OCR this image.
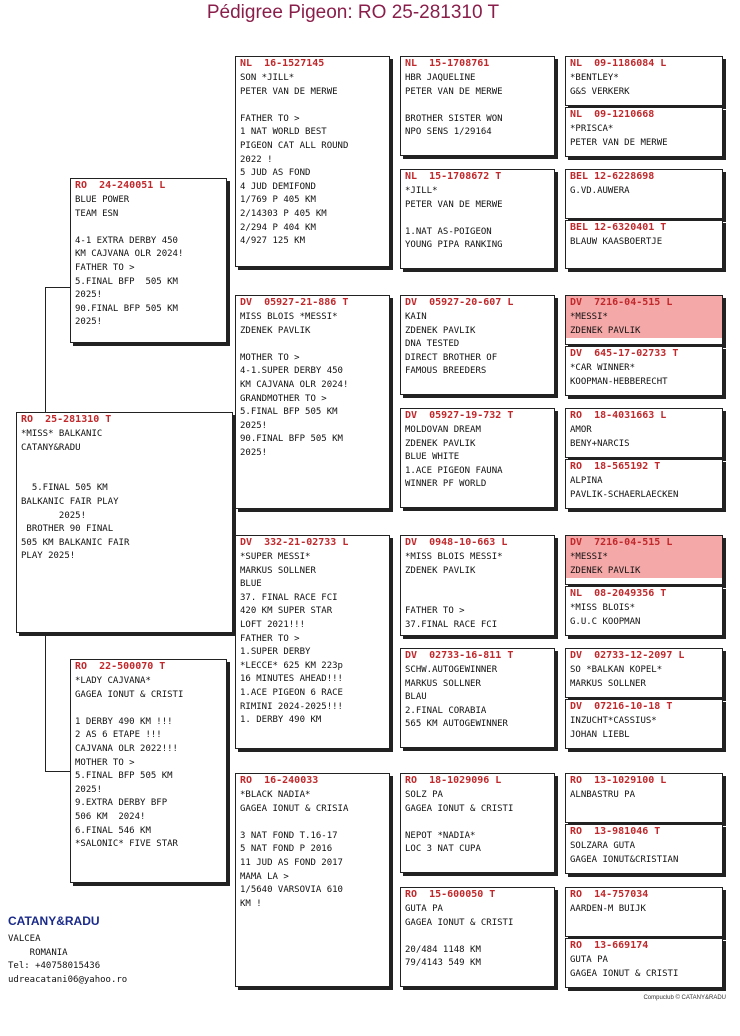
Pédigree Pigeon: RO 25-281310 T
RO  25-281310 T
*MISS* BALKANIC
CATANY&RADU

5.FINAL 505 KM
BALKANIC FAIR PLAY
2025!
BROTHER 90 FINAL
505 KM BALKANIC FAIR
PLAY 2025!
RO  24-240051 L
BLUE POWER
TEAM ESN

4-1 EXTRA DERBY 450
KM CAJVANA OLR 2024!
FATHER TO >
5.FINAL BFP  505 KM
2025!
90.FINAL BFP 505 KM
2025!
RO  22-500070 T
*LADY CAJVANA*
GAGEA IONUT & CRISTI

1 DERBY 490 KM !!!
2 AS 6 ETAPE !!!
CAJVANA OLR 2022!!!
MOTHER TO >
5.FINAL BFP 505 KM
2025!
9.EXTRA DERBY BFP
506 KM  2024!
6.FINAL 546 KM
*SALONIC* FIVE STAR
NL  16-1527145
SON *JILL*
PETER VAN DE MERWE

FATHER TO >
1 NAT WORLD BEST
PIGEON CAT ALL ROUND
2022 !
5 JUD AS FOND
4 JUD DEMIFOND
1/769 P 405 KM
2/14303 P 405 KM
2/294 P 404 KM
4/927 125 KM
DV  05927-21-886 T
MISS BLOIS *MESSI*
ZDENEK PAVLIK

MOTHER TO >
4-1.SUPER DERBY 450
KM CAJVANA OLR 2024!
GRANDMOTHER TO >
5.FINAL BFP 505 KM
2025!
90.FINAL BFP 505 KM
2025!
DV  332-21-02733 L
*SUPER MESSI*
MARKUS SOLLNER
BLUE
37. FINAL RACE FCI
420 KM SUPER STAR
LOFT 2021!!!
FATHER TO >
1.SUPER DERBY
*LECCE* 625 KM 223p
16 MINUTES AHEAD!!!
1.ACE PIGEON 6 RACE
RIMINI 2024-2025!!!
1. DERBY 490 KM
RO  16-240033
*BLACK NADIA*
GAGEA IONUT & CRISIA

3 NAT FOND T.16-17
5 NAT FOND P 2016
11 JUD AS FOND 2017
MAMA LA >
1/5640 VARSOVIA 610
KM !
NL  15-1708761
HBR JAQUELINE
PETER VAN DE MERWE

BROTHER SISTER WON
NPO SENS 1/29164
NL  15-1708672 T
*JILL*
PETER VAN DE MERWE

1.NAT AS-POIGEON
YOUNG PIPA RANKING
DV  05927-20-607 L
KAIN
ZDENEK PAVLIK
DNA TESTED
DIRECT BROTHER OF
FAMOUS BREEDERS
DV  05927-19-732 T
MOLDOVAN DREAM
ZDENEK PAVLIK
BLUE WHITE
1.ACE PIGEON FAUNA
WINNER PF WORLD
DV  0948-10-663 L
*MISS BLOIS MESSI*
ZDENEK PAVLIK

FATHER TO >
37.FINAL RACE FCI
DV  02733-16-811 T
SCHW.AUTOGEWINNER
MARKUS SOLLNER
BLAU
2.FINAL CORABIA
565 KM AUTOGEWINNER
RO  18-1029096 L
SOLZ PA
GAGEA IONUT & CRISTI

NEPOT *NADIA*
LOC 3 NAT CUPA
RO  15-600050 T
GUTA PA
GAGEA IONUT & CRISTI

20/484 1148 KM
79/4143 549 KM
NL  09-1186084 L
*BENTLEY*
G&S VERKERK
NL  09-1210668
*PRISCA*
PETER VAN DE MERWE
BEL 12-6228698
G.VD.AUWERA
BEL 12-6320401 T
BLAUW KAASBOERTJE
DV  7216-04-515 L
*MESSI*
ZDENEK PAVLIK
DV  645-17-02733 T
*CAR WINNER*
KOOPMAN-HEBBERECHT
RO  18-4031663 L
AMOR
BENY+NARCIS
RO  18-565192 T
ALPINA
PAVLIK-SCHAERLAECKEN
DV  7216-04-515 L
*MESSI*
ZDENEK PAVLIK
NL  08-2049356 T
*MISS BLOIS*
G.U.C KOOPMAN
DV  02733-12-2097 L
SO *BALKAN KOPEL*
MARKUS SOLLNER
DV  07216-10-18 T
INZUCHT*CASSIUS*
JOHAN LIEBL
RO  13-1029100 L
ALNBASTRU PA
RO  13-981046 T
SOLZARA GUTA
GAGEA IONUT&CRISTIAN
RO  14-757034
AARDEN-M BUIJK
RO  13-669174
GUTA PA
GAGEA IONUT & CRISTI
CATANY&RADU
VALCEA
ROMANIA
Tel: +40758015436
udreacatani06@yahoo.ro
Compuclub © CATANY&RADU
